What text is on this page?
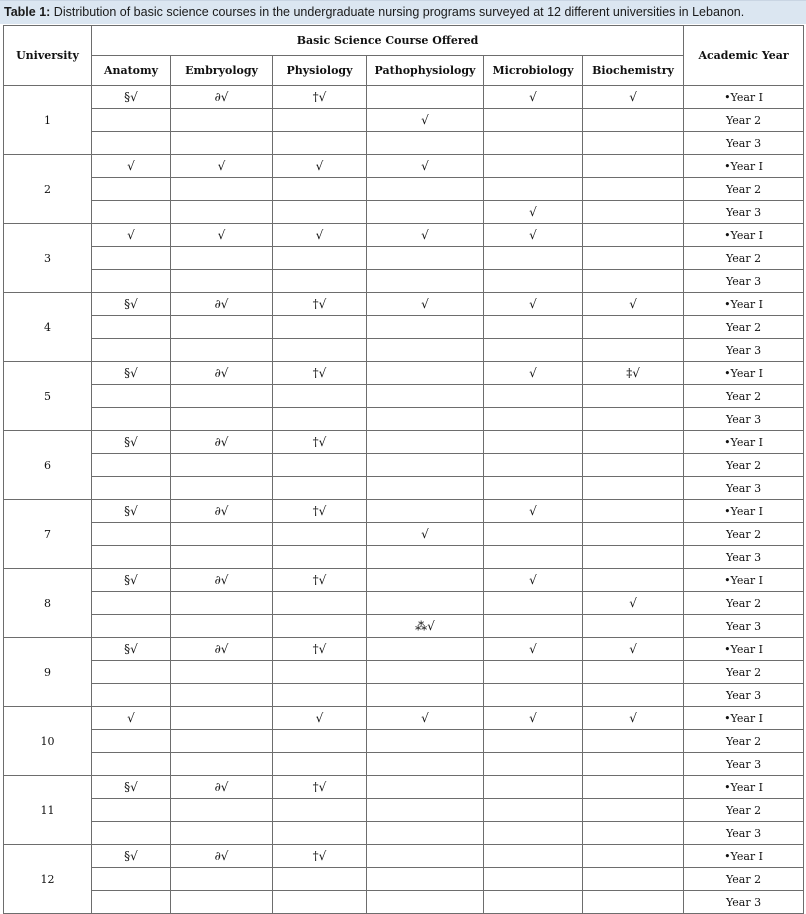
Table 1: Distribution of basic science courses in the undergraduate nursing programs surveyed at 12 different universities in Lebanon.
University	Basic Science Course Offered						Academic Year
	Anatomy	Embryology	Physiology	Pathophysiology	Microbiology	Biochemistry	
1	§√	∂√	†√		√	√	•Year I
				√			Year 2
							Year 3
2	√	√	√	√			•Year I
							Year 2
					√		Year 3
3	√	√	√	√	√		•Year I
							Year 2
							Year 3
4	§√	∂√	†√	√	√	√	•Year I
							Year 2
							Year 3
5	§√	∂√	†√		√	‡√	•Year I
							Year 2
							Year 3
6	§√	∂√	†√				•Year I
							Year 2
							Year 3
7	§√	∂√	†√		√		•Year I
				√			Year 2
							Year 3
8	§√	∂√	†√		√		•Year I
						√	Year 2
				⁂√			Year 3
9	§√	∂√	†√		√	√	•Year I
							Year 2
							Year 3
10	√		√	√	√	√	•Year I
							Year 2
							Year 3
11	§√	∂√	†√				•Year I
							Year 2
							Year 3
12	§√	∂√	†√				•Year I
							Year 2
							Year 3
